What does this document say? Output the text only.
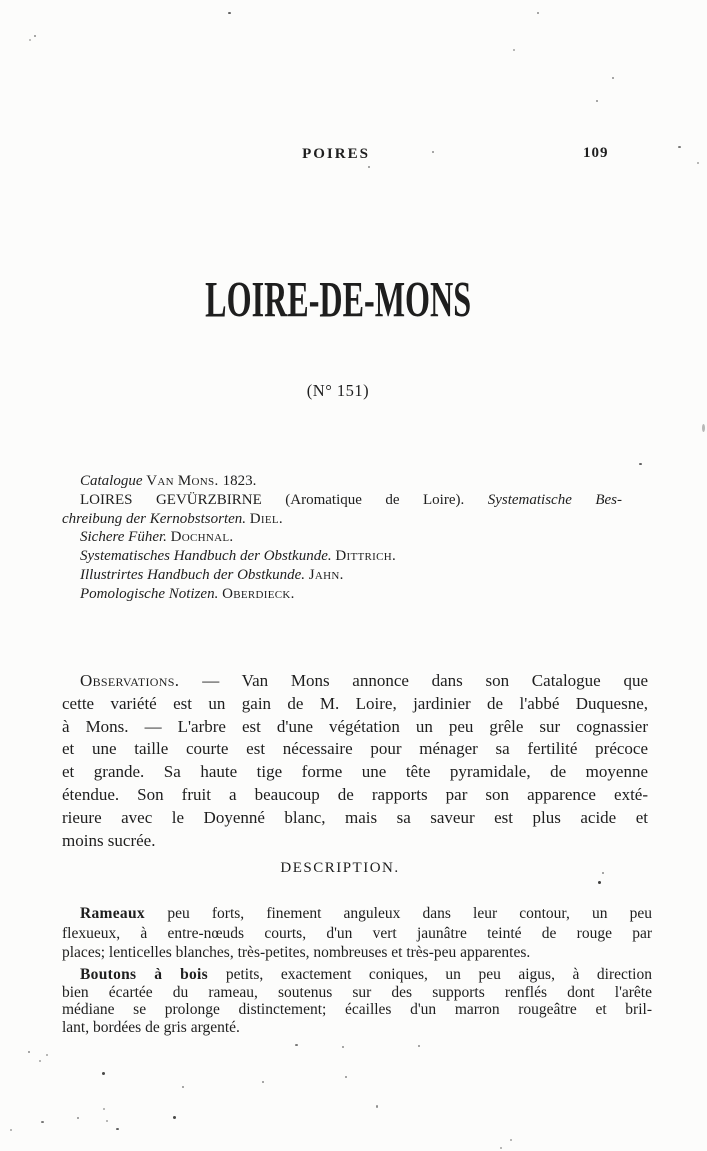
POIRES	109
LOIRE-DE-MONS
(N° 151)
Catalogue Van Mons. 1823.
LOIRES GEVÜRZBIRNE (Aromatique de Loire). Systematische Bes-
chreibung der Kernobstsorten. Diel.
Sichere Füher. Dochnal.
Systematisches Handbuch der Obstkunde. Dittrich.
Illustrirtes Handbuch der Obstkunde. Jahn.
Pomologische Notizen. Oberdieck.
Observations. — Van Mons annonce dans son Catalogue que
cette variété est un gain de M. Loire, jardinier de l'abbé Duquesne,
à Mons. — L'arbre est d'une végétation un peu grêle sur cognassier
et une taille courte est nécessaire pour ménager sa fertilité précoce
et grande. Sa haute tige forme une tête pyramidale, de moyenne
étendue. Son fruit a beaucoup de rapports par son apparence exté-
rieure avec le Doyenné blanc, mais sa saveur est plus acide et
moins sucrée.
DESCRIPTION.
Rameaux peu forts, finement anguleux dans leur contour, un peu
flexueux, à entre-nœuds courts, d'un vert jaunâtre teinté de rouge par
places; lenticelles blanches, très-petites, nombreuses et très-peu apparentes.
Boutons à bois petits, exactement coniques, un peu aigus, à direction
bien écartée du rameau, soutenus sur des supports renflés dont l'arête
médiane se prolonge distinctement; écailles d'un marron rougeâtre et bril-
lant, bordées de gris argenté.
